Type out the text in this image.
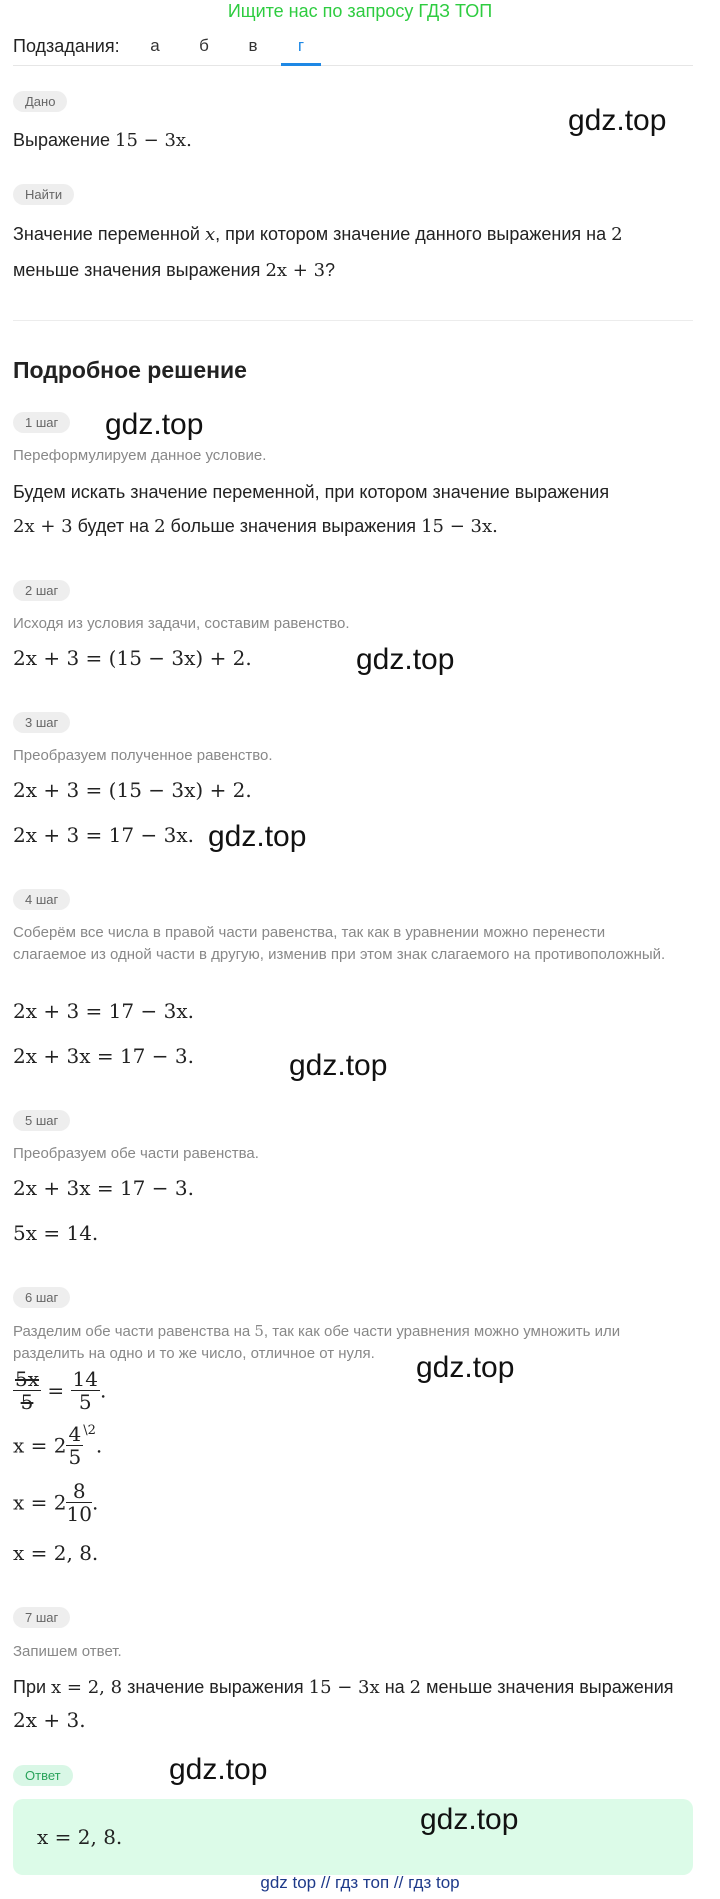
Ищите нас по запросу ГДЗ ТОП
Подзадания:	а	б	в	г
Дано
Выражение 15 − 3x.
gdz.top
Найти
Значение переменной x, при котором значение данного выражения на 2
меньше значения выражения 2x + 3?
Подробное решение
1 шаг	gdz.top
Переформулируем данное условие.
Будем искать значение переменной, при котором значение выражения
2x + 3 будет на 2 больше значения выражения 15 − 3x.
2 шаг
Исходя из условия задачи, составим равенство.
2x + 3 = (15 − 3x) + 2.	gdz.top
3 шаг
Преобразуем полученное равенство.
2x + 3 = (15 − 3x) + 2.
2x + 3 = 17 − 3x. gdz.top
4 шаг
Соберём все числа в правой части равенства, так как в уравнении можно перенести слагаемое из одной части в другую, изменив при этом знак слагаемого на противоположный.
2x + 3 = 17 − 3x.
2x + 3x = 17 − 3.	gdz.top
5 шаг
Преобразуем обе части равенства.
2x + 3x = 17 − 3.
5x = 14.
6 шаг
Разделим обе части равенства на 5, так как обе части уравнения можно умножить или разделить на одно и то же число, отличное от нуля.	gdz.top
$\frac{5x}{5} = \frac{14}{5}$ .
$x = 2 \frac{4}{5} ^{\backslash 2}$.
$x = 2 \frac{8}{10}$ .
x = 2, 8.
7 шаг
Запишем ответ.
При x = 2, 8 значение выражения 15 − 3x на 2 меньше значения выражения
2x + 3.
Ответ	gdz.top
x = 2, 8.
gdz.top
gdz top // гдз топ // гдз top
